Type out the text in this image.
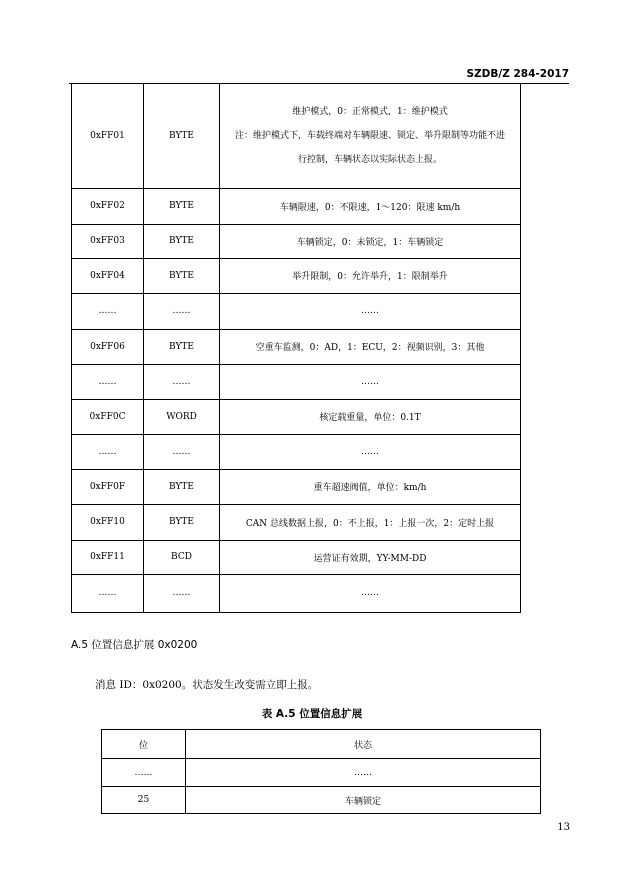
SZDB/Z 284-2017
0xFF01	BYTE	维护模式，0：正常模式，1：维护模式
注：维护模式下，车载终端对车辆限速、锁定、举升限制等功能不进
行控制，车辆状态以实际状态上报。

0xFF02	BYTE	车辆限速，0：不限速，1～120：限速 km/h

0xFF03	BYTE	车辆锁定，0：未锁定，1：车辆锁定

0xFF04	BYTE	举升限制，0：允许举升，1：限制举升

……	……	……

0xFF06	BYTE	空重车监测，0：AD，1：ECU，2：视频识别，3：其他

……	……	……

0xFF0C	WORD	核定载重量，单位：0.1T

……	……	……

0xFF0F	BYTE	重车超速阀值，单位：km/h

0xFF10	BYTE	CAN 总线数据上报，0：不上报，1：上报一次，2：定时上报

0xFF11	BCD	运营证有效期，YY-MM-DD

……	……	……
A.5 位置信息扩展 0x0200
消息 ID：0x0200。状态发生改变需立即上报。
表 A.5 位置信息扩展
位	状态
……	……
25	车辆锁定
13
